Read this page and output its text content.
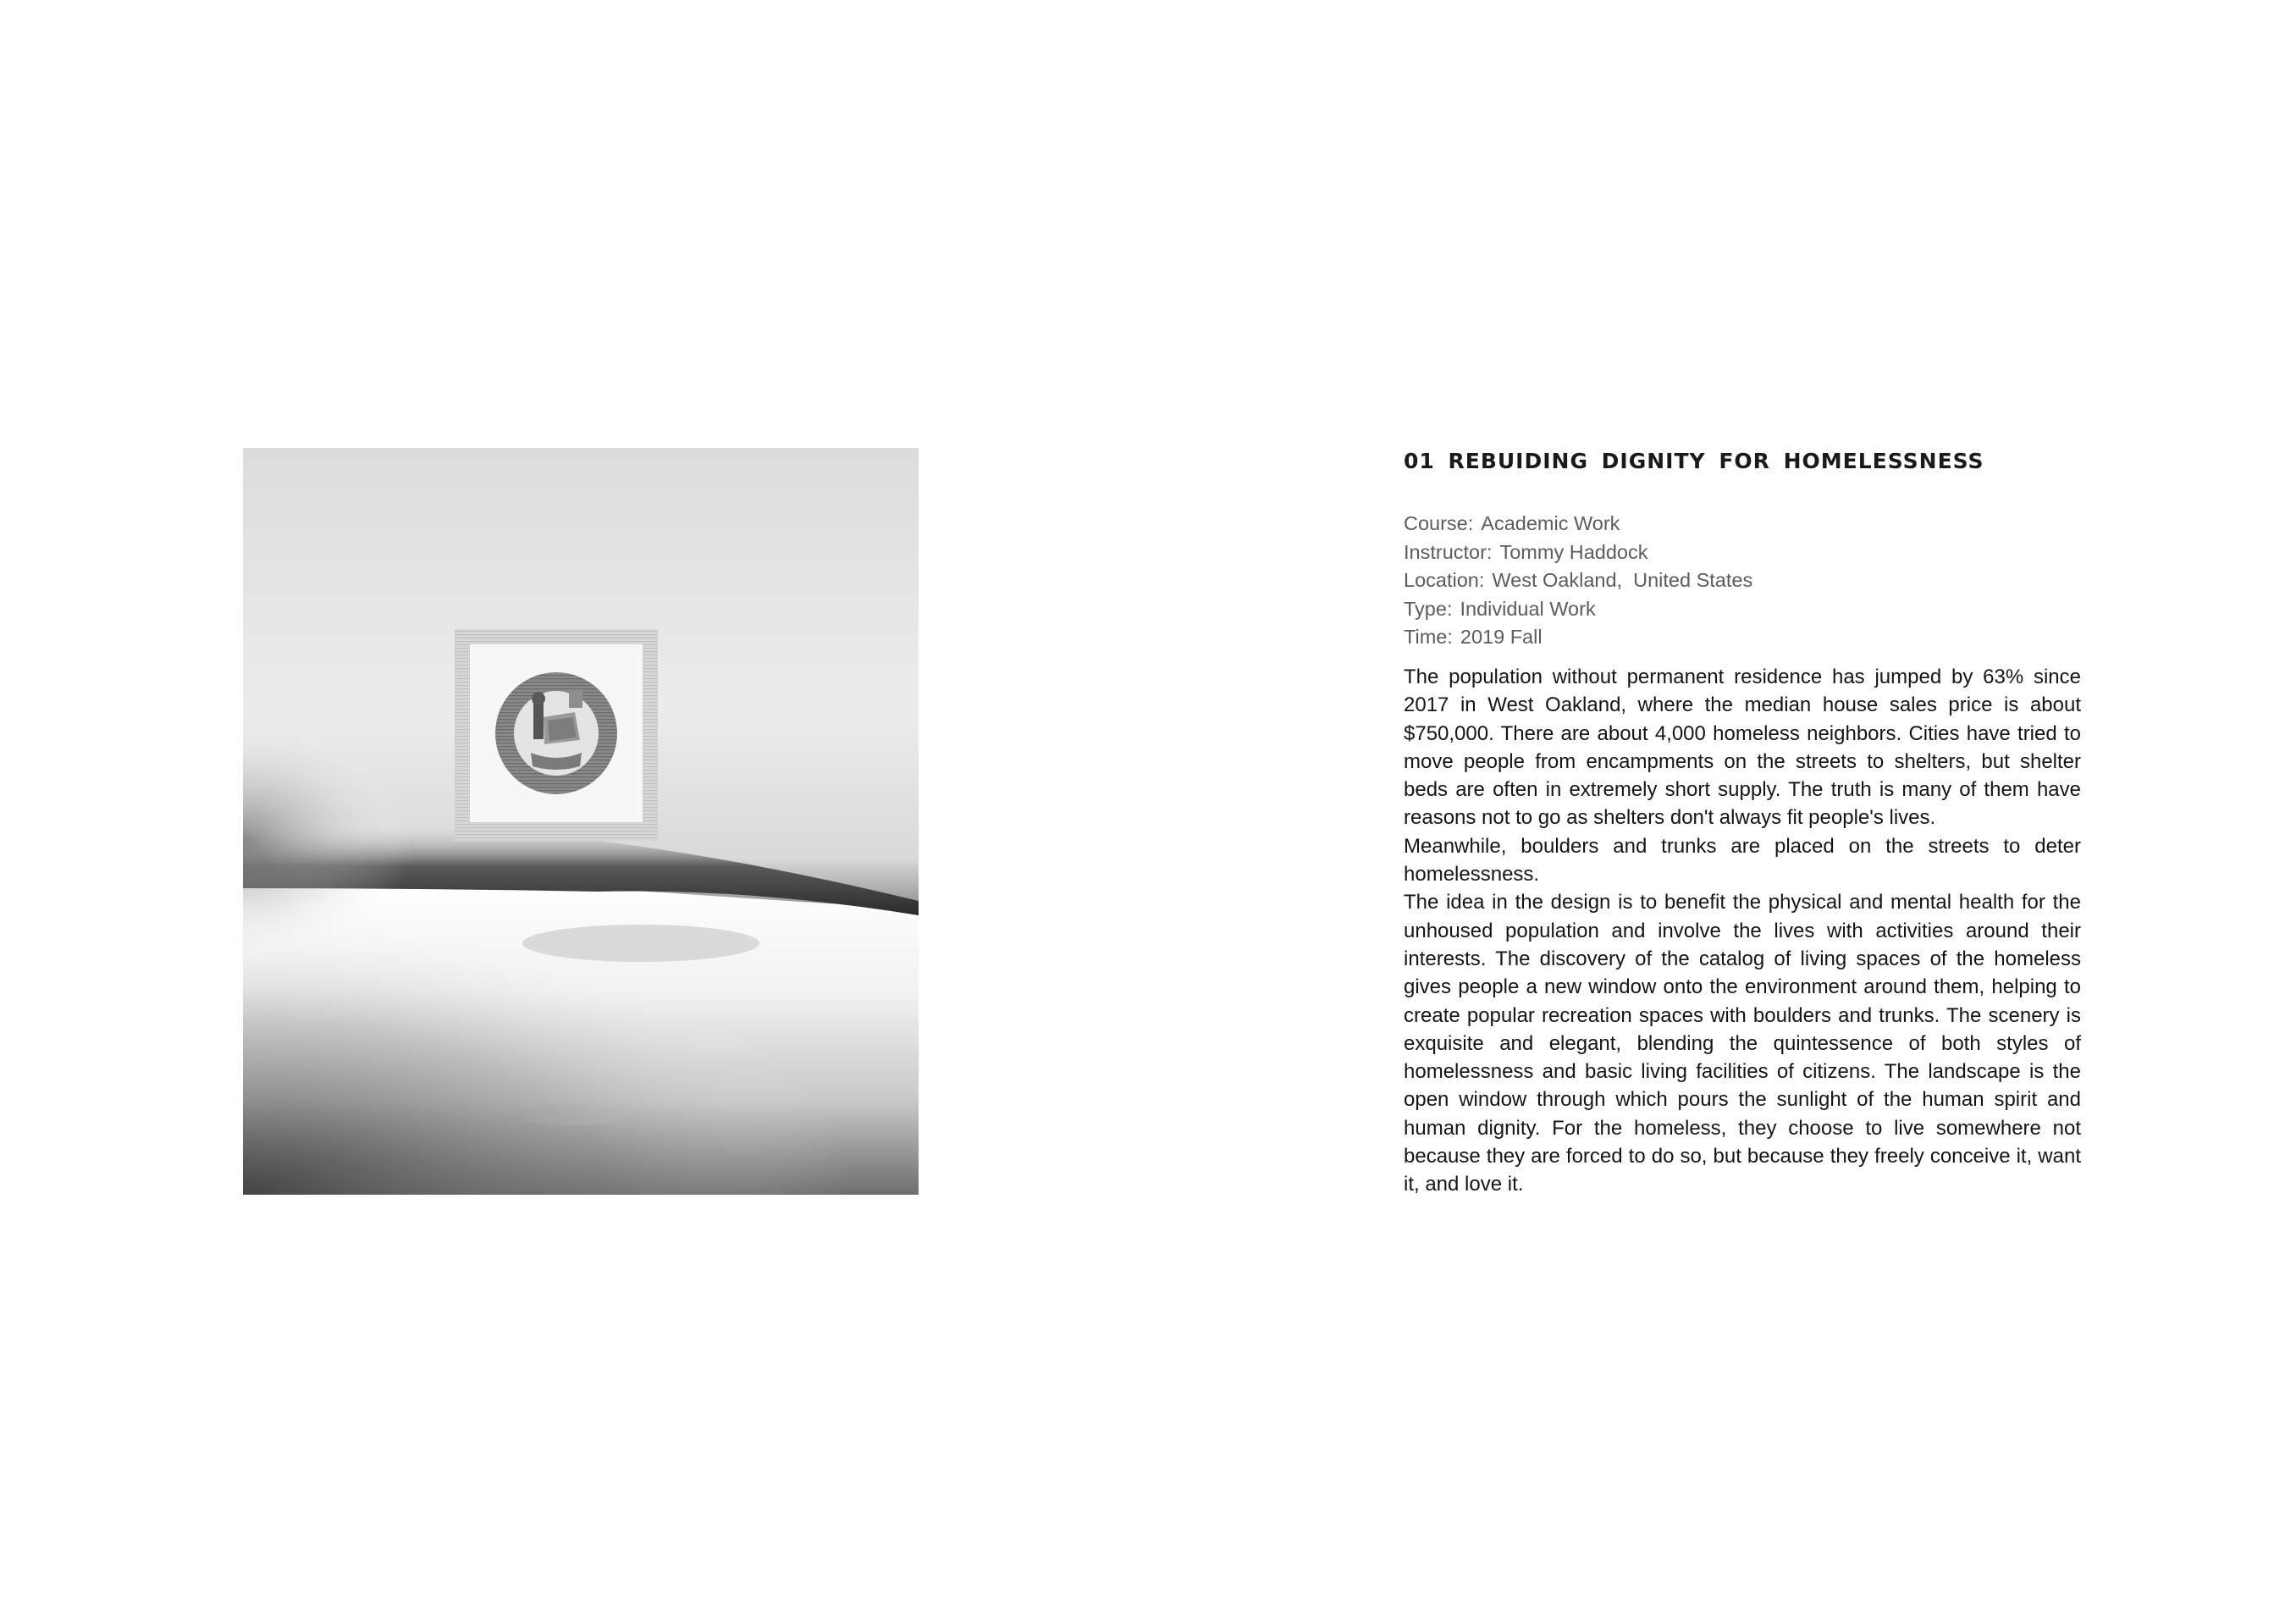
01 REBUIDING DIGNITY FOR HOMELESSNESS
Course: Academic Work
Instructor: Tommy Haddock
Location: West Oakland,  United States
Type: Individual Work
Time: 2019 Fall

The population without permanent residence has jumped by 63% since 2017 in West Oakland, where the median house sales price is about $750,000. There are about 4,000 homeless neighbors. Cities have tried to move people from encampments on the streets to shelters, but shelter beds are often in extremely short supply. The truth is many of them have reasons not to go as shelters don't always fit people's lives.

Meanwhile, boulders and trunks are placed on the streets to deter homelessness.

The idea in the design is to benefit the physical and mental health for the unhoused population and involve the lives with activities around their interests. The discovery of the catalog of living spaces of the homeless gives people a new window onto the environment around them, helping to create popular recreation spaces with boulders and trunks. The scenery is exquisite and elegant, blending the quintessence of both styles of homelessness and basic living facilities of citizens. The landscape is the open window through which pours the sunlight of the human spirit and human dignity. For the homeless, they choose to live somewhere not because they are forced to do so, but because they freely conceive it, want it, and love it.
